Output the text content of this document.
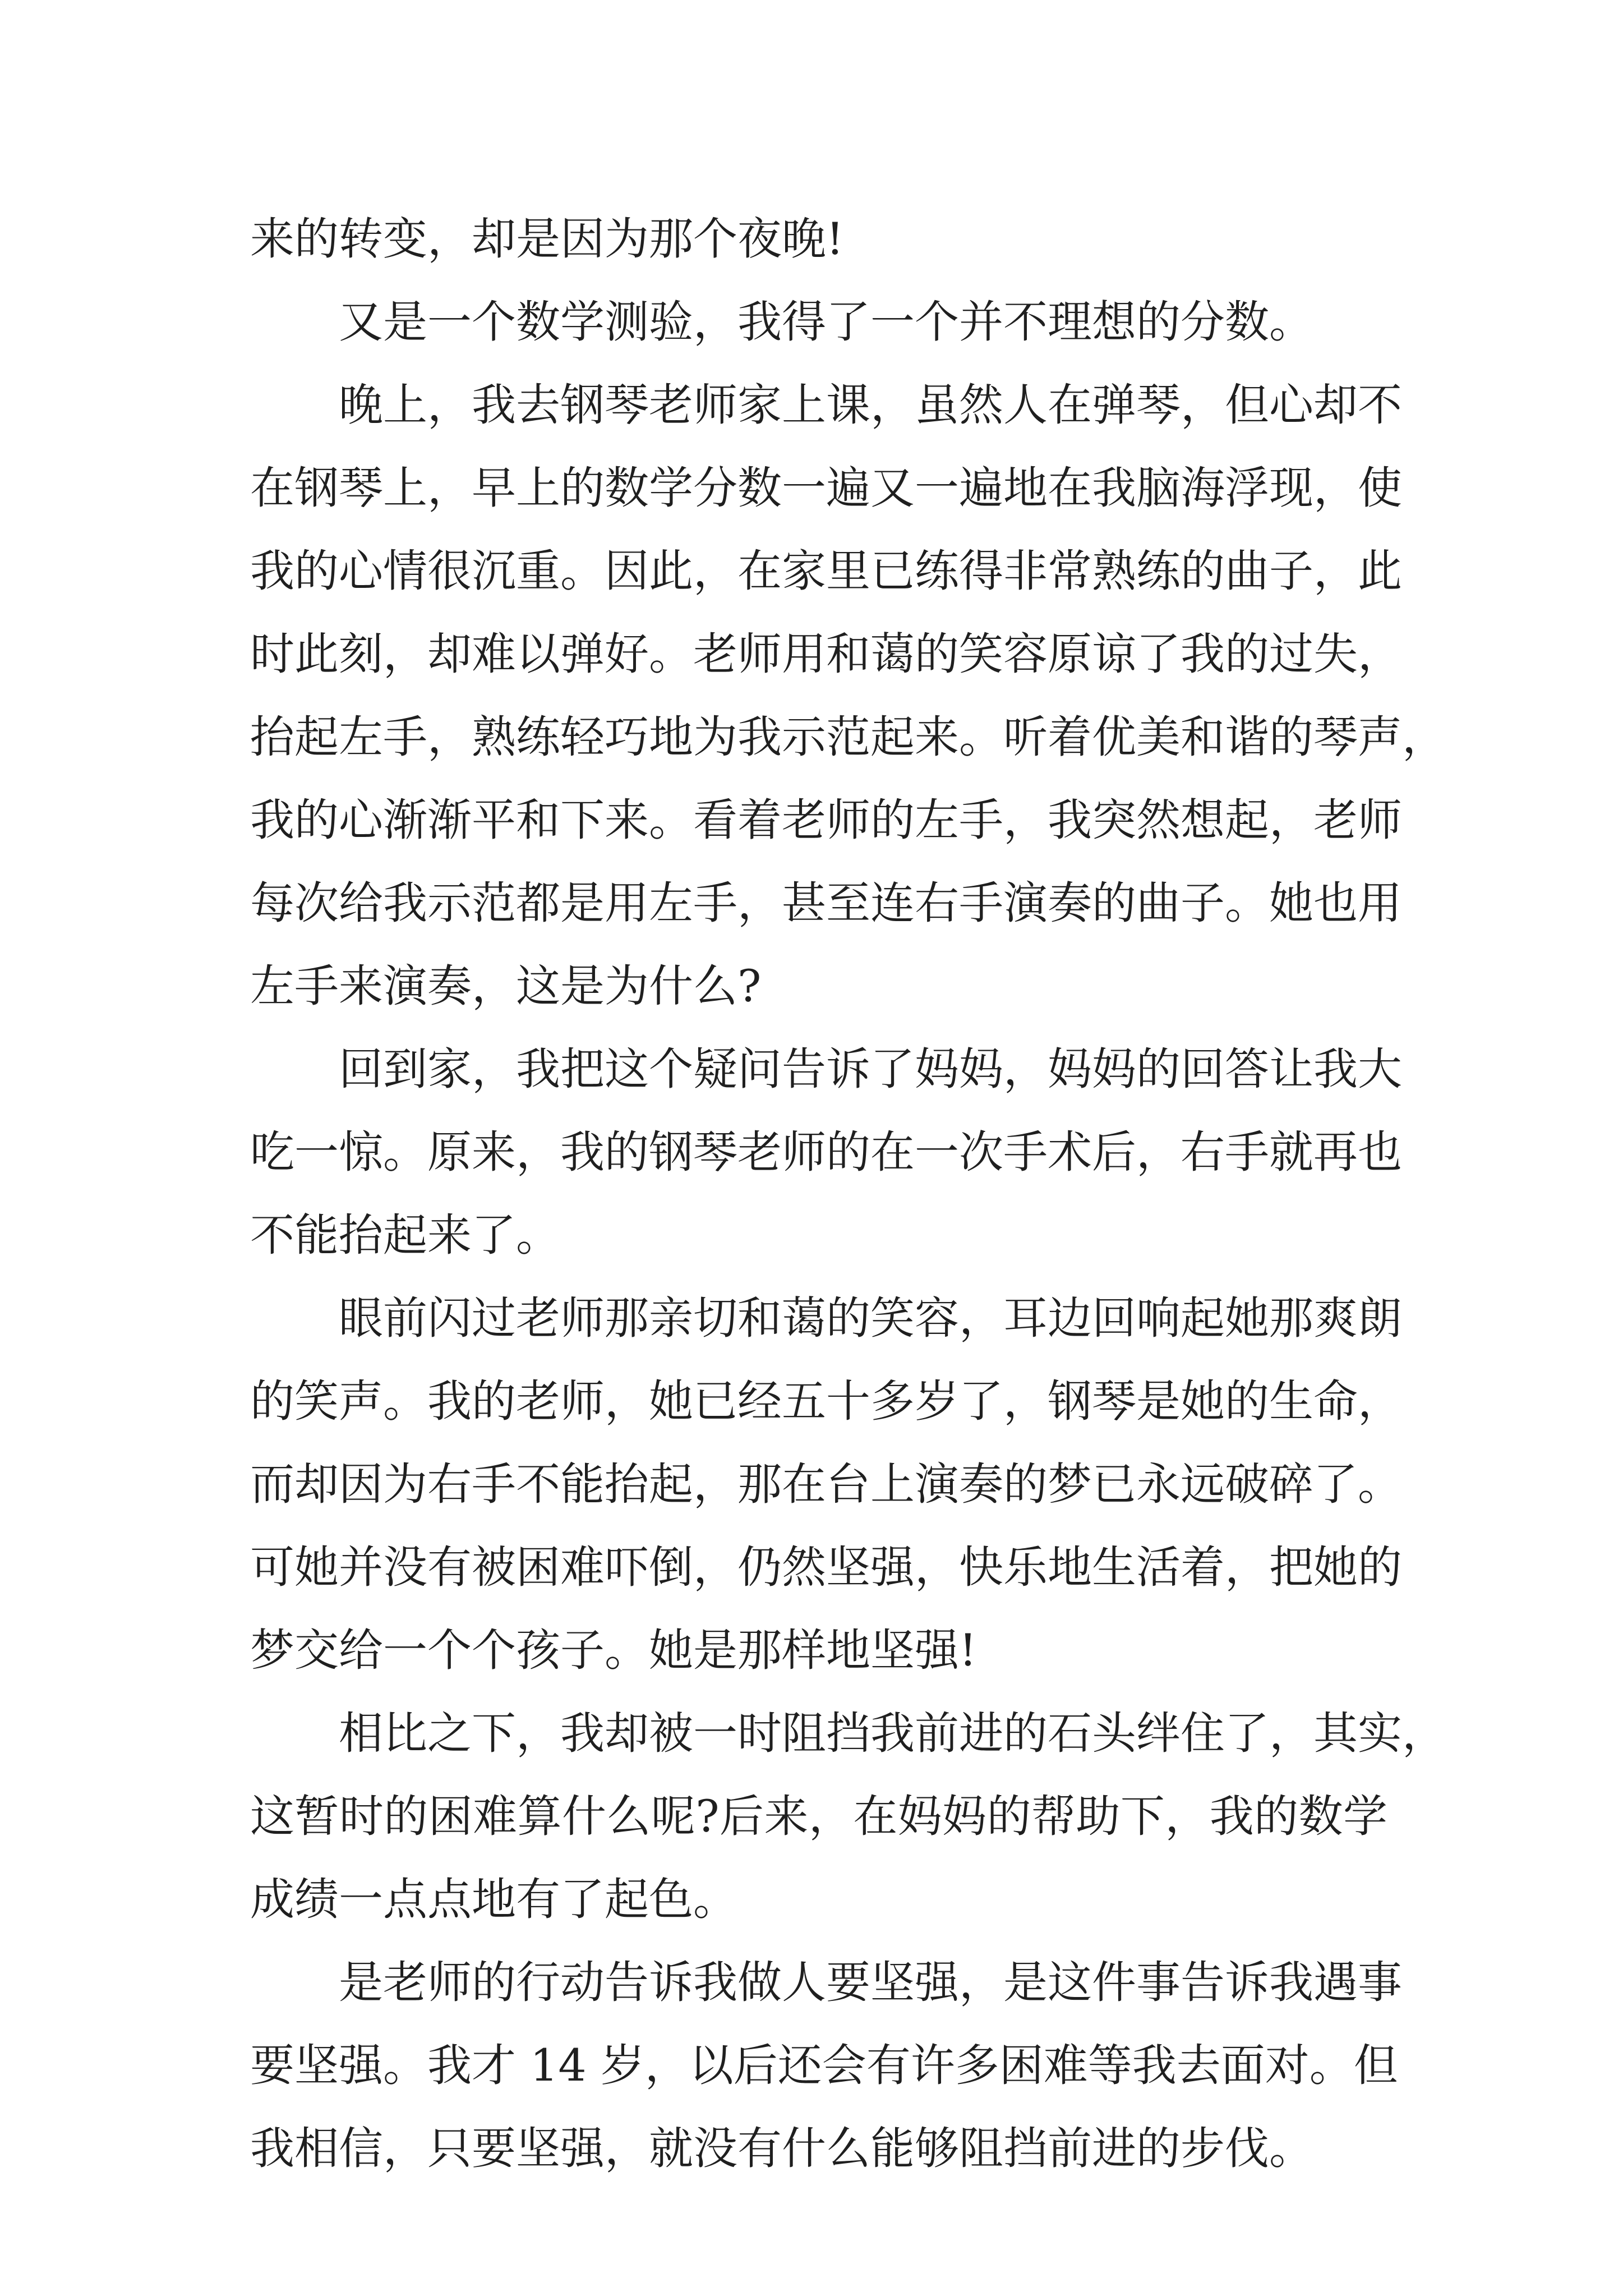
来的转变，却是因为那个夜晚!
又是一个数学测验，我得了一个并不理想的分数。
晚上，我去钢琴老师家上课，虽然人在弹琴，但心却不
在钢琴上，早上的数学分数一遍又一遍地在我脑海浮现，使
我的心情很沉重。因此，在家里已练得非常熟练的曲子，此
时此刻，却难以弹好。老师用和蔼的笑容原谅了我的过失，
抬起左手，熟练轻巧地为我示范起来。听着优美和谐的琴声，
我的心渐渐平和下来。看着老师的左手，我突然想起，老师
每次给我示范都是用左手，甚至连右手演奏的曲子。她也用
左手来演奏，这是为什么?
回到家，我把这个疑问告诉了妈妈，妈妈的回答让我大
吃一惊。原来，我的钢琴老师的在一次手术后，右手就再也
不能抬起来了。
眼前闪过老师那亲切和蔼的笑容，耳边回响起她那爽朗
的笑声。我的老师，她已经五十多岁了，钢琴是她的生命，
而却因为右手不能抬起，那在台上演奏的梦已永远破碎了。
可她并没有被困难吓倒，仍然坚强，快乐地生活着，把她的
梦交给一个个孩子。她是那样地坚强!
相比之下，我却被一时阻挡我前进的石头绊住了，其实，
这暂时的困难算什么呢?后来，在妈妈的帮助下，我的数学
成绩一点点地有了起色。
是老师的行动告诉我做人要坚强，是这件事告诉我遇事
要坚强。我才 14 岁，以后还会有许多困难等我去面对。但
我相信，只要坚强，就没有什么能够阻挡前进的步伐。
